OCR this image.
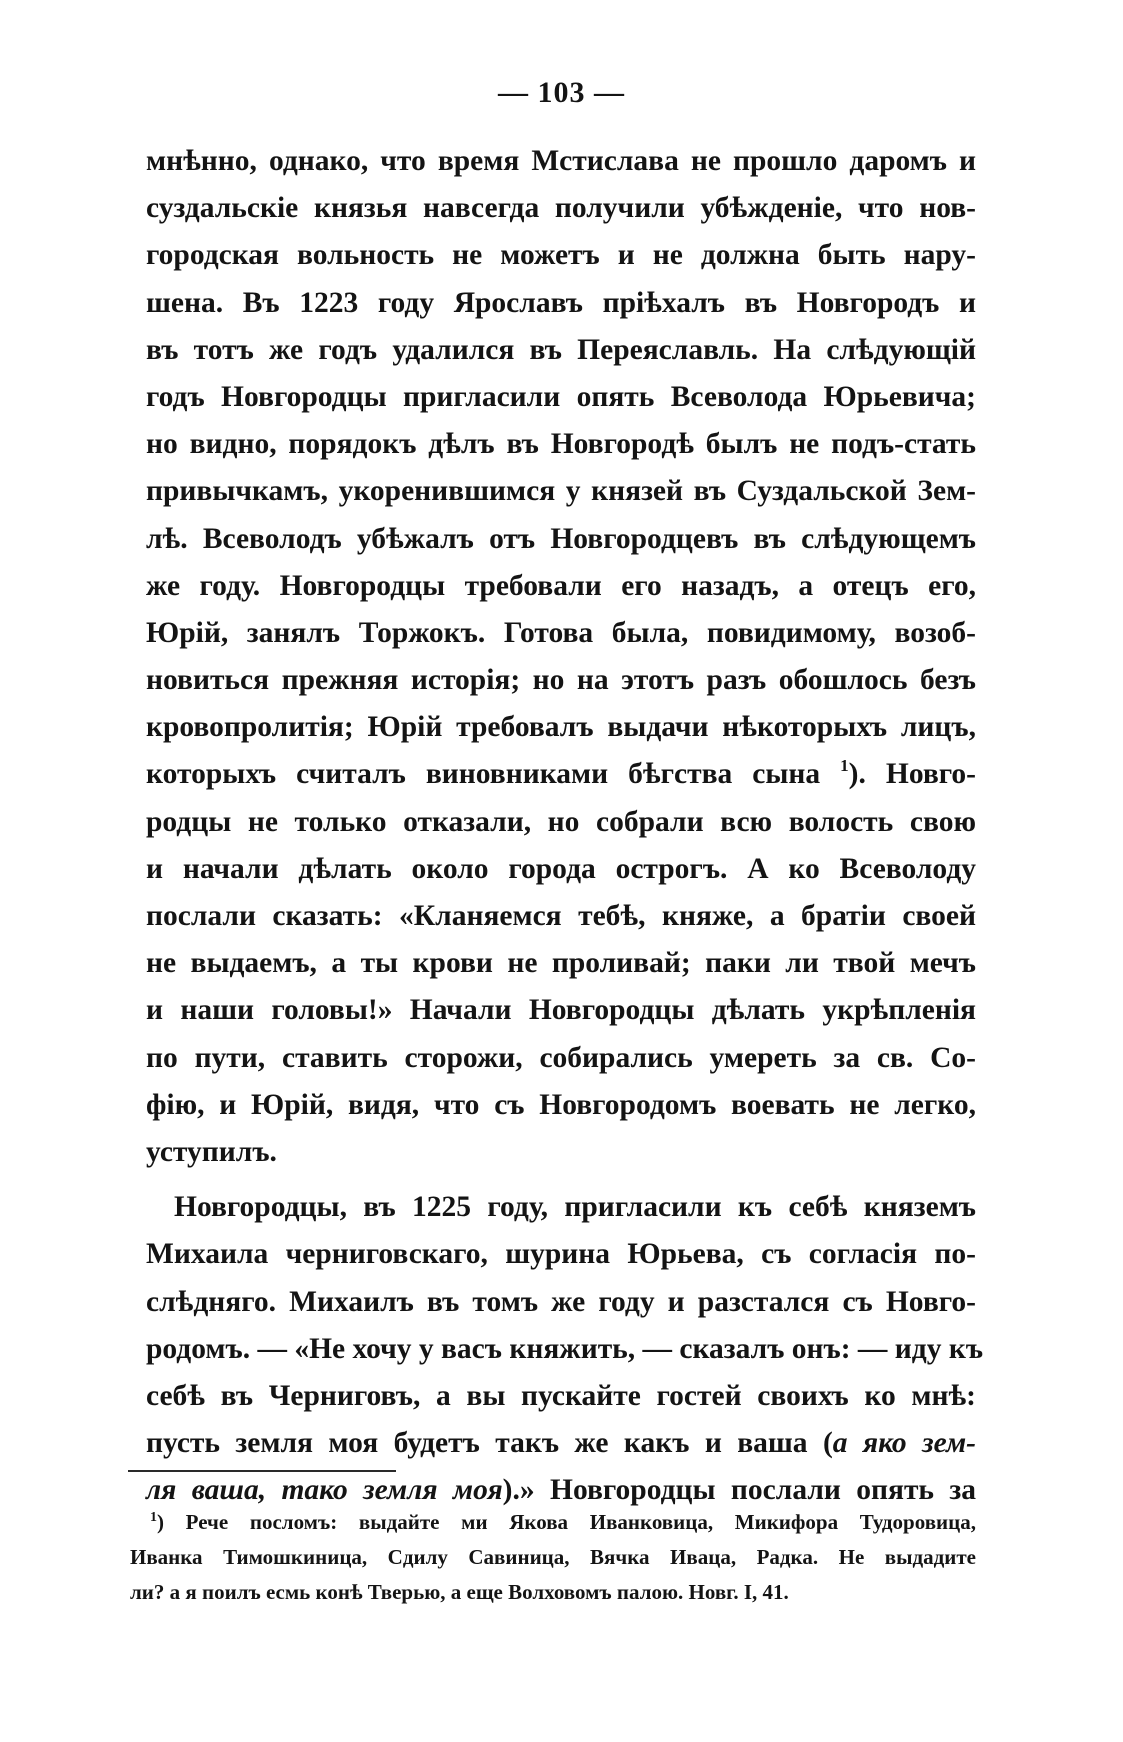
— 103 —
мнѣнно, однако, что время Мстислава не прошло даромъ и
суздальскіе князья навсегда получили убѣжденіе, что нов-
городская вольность не можетъ и не должна быть нару-
шена. Въ 1223 году Ярославъ пріѣхалъ въ Новгородъ и
въ тотъ же годъ удалился въ Переяславль. На слѣдующій
годъ Новгородцы пригласили опять Всеволода Юрьевича;
но видно, порядокъ дѣлъ въ Новгородѣ былъ не подъ-стать
привычкамъ, укоренившимся у князей въ Суздальской Зем-
лѣ. Всеволодъ убѣжалъ отъ Новгородцевъ въ слѣдующемъ
же году. Новгородцы требовали его назадъ, а отецъ его,
Юрій, занялъ Торжокъ. Готова была, повидимому, возоб-
новиться прежняя исторія; но на этотъ разъ обошлось безъ
кровопролитія; Юрій требовалъ выдачи нѣкоторыхъ лицъ,
которыхъ считалъ виновниками бѣгства сына $^1$). Новго-
родцы не только отказали, но собрали всю волость свою
и начали дѣлать около города острогъ. А ко Всеволоду
послали сказать: «Кланяемся тебѣ, княже, а братіи своей
не выдаемъ, а ты крови не проливай; паки ли твой мечъ
и наши головы!» Начали Новгородцы дѣлать укрѣпленія
по пути, ставить сторожи, собирались умереть за св. Со-
фію, и Юрій, видя, что съ Новгородомъ воевать не легко,
уступилъ.
Новгородцы, въ 1225 году, пригласили къ себѣ княземъ
Михаила черниговскаго, шурина Юрьева, съ согласія по-
слѣдняго. Михаилъ въ томъ же году и разстался съ Новго-
родомъ. — «Не хочу у васъ княжить, — сказалъ онъ: — иду къ
себѣ въ Черниговъ, а вы пускайте гостей своихъ ко мнѣ:
пусть земля моя будетъ такъ же какъ и ваша (а яко зем-
ля ваша, тако земля моя).» Новгородцы послали опять за
$^1$) Рече посломъ: выдайте ми Якова Иванковица, Микифора Тудоровица,
Иванка Тимошкиница, Сдилу Савиница, Вячка Иваца, Радка. Не выдадите
ли? а я поилъ есмь конѣ Тверью, а еще Волховомъ палою. Новг. I, 41.
